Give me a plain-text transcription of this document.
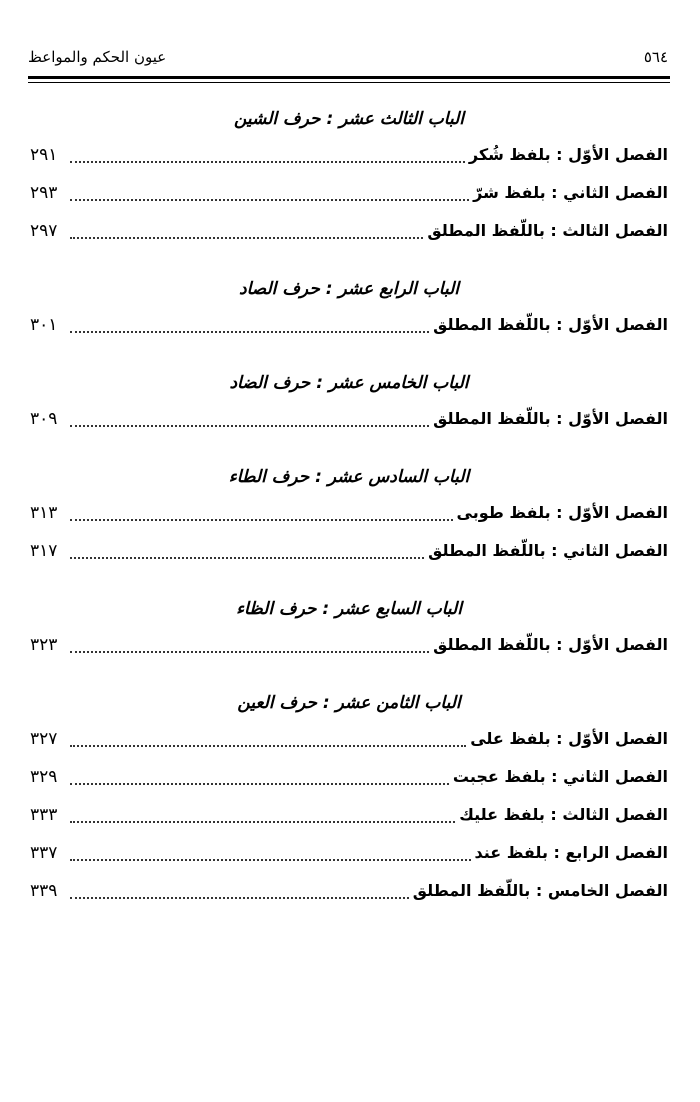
٥٦٤
عيون الحكم والمواعظ
الباب الثالث عشر : حرف الشين
الفصل الأوّل : بلفظ شُكر
٢٩١
الفصل الثاني : بلفظ شرّ
٢٩٣
الفصل الثالث : باللّفظ المطلق
٢٩٧
الباب الرابع عشر : حرف الصاد
الفصل الأوّل : باللّفظ المطلق
٣٠١
الباب الخامس عشر : حرف الضاد
الفصل الأوّل : باللّفظ المطلق
٣٠٩
الباب السادس عشر : حرف الطاء
الفصل الأوّل : بلفظ طوبى
٣١٣
الفصل الثاني : باللّفظ المطلق
٣١٧
الباب السابع عشر : حرف الظاء
الفصل الأوّل : باللّفظ المطلق
٣٢٣
الباب الثامن عشر : حرف العين
الفصل الأوّل : بلفظ على
٣٢٧
الفصل الثاني : بلفظ عجبت
٣٢٩
الفصل الثالث : بلفظ عليك
٣٣٣
الفصل الرابع : بلفظ عند
٣٣٧
الفصل الخامس : باللّفظ المطلق
٣٣٩
